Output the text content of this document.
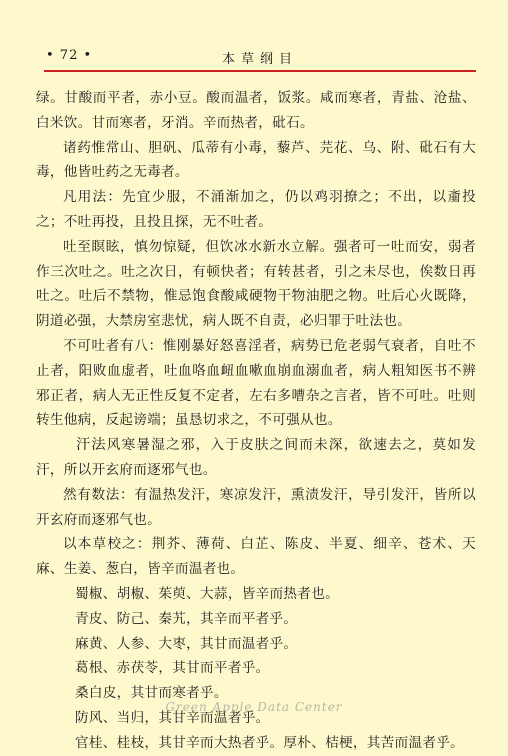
• 72 •	本草纲目

绿。甘酸而平者，赤小豆。酸而温者，饭浆。咸而寒者，青盐、沧盐、白米饮。甘而寒者，牙消。辛而热者，砒石。

诸药惟常山、胆矾、瓜蒂有小毒，藜芦、芫花、乌、附、砒石有大毒，他皆吐药之无毒者。

凡用法：先宜少服，不涌渐加之，仍以鸡羽撩之；不出，以齑投之；不吐再投，且投且探，无不吐者。

吐至瞑眩，慎勿惊疑，但饮冰水新水立解。强者可一吐而安，弱者作三次吐之。吐之次日，有顿快者；有转甚者，引之未尽也，俟数日再吐之。吐后不禁物，惟忌饱食酸咸硬物干物油肥之物。吐后心火既降，阴道必强，大禁房室悲忧，病人既不自责，必归罪于吐法也。

不可吐者有八：惟刚暴好怒喜淫者，病势已危老弱气衰者，自吐不止者，阳败血虚者，吐血咯血衄血嗽血崩血溺血者，病人粗知医书不辨邪正者，病人无正性反复不定者，左右多嘈杂之言者，皆不可吐。吐则转生他病，反起谤端；虽恳切求之，不可强从也。

汗法风寒暑湿之邪，入于皮肤之间而未深，欲速去之，莫如发汗，所以开玄府而逐邪气也。

然有数法：有温热发汗，寒凉发汗，熏渍发汗，导引发汗，皆所以开玄府而逐邪气也。

以本草校之：荆芥、薄荷、白芷、陈皮、半夏、细辛、苍术、天麻、生姜、葱白，皆辛而温者也。

蜀椒、胡椒、茱萸、大蒜，皆辛而热者也。

青皮、防己、秦艽，其辛而平者乎。

麻黄、人参、大枣，其甘而温者乎。

葛根、赤茯苓，其甘而平者乎。

桑白皮，其甘而寒者乎。

防风、当归，其甘辛而温者乎。

官桂、桂枝，其甘辛而大热者乎。厚朴、桔梗，其苦而温者乎。

Green Apple Data Center
